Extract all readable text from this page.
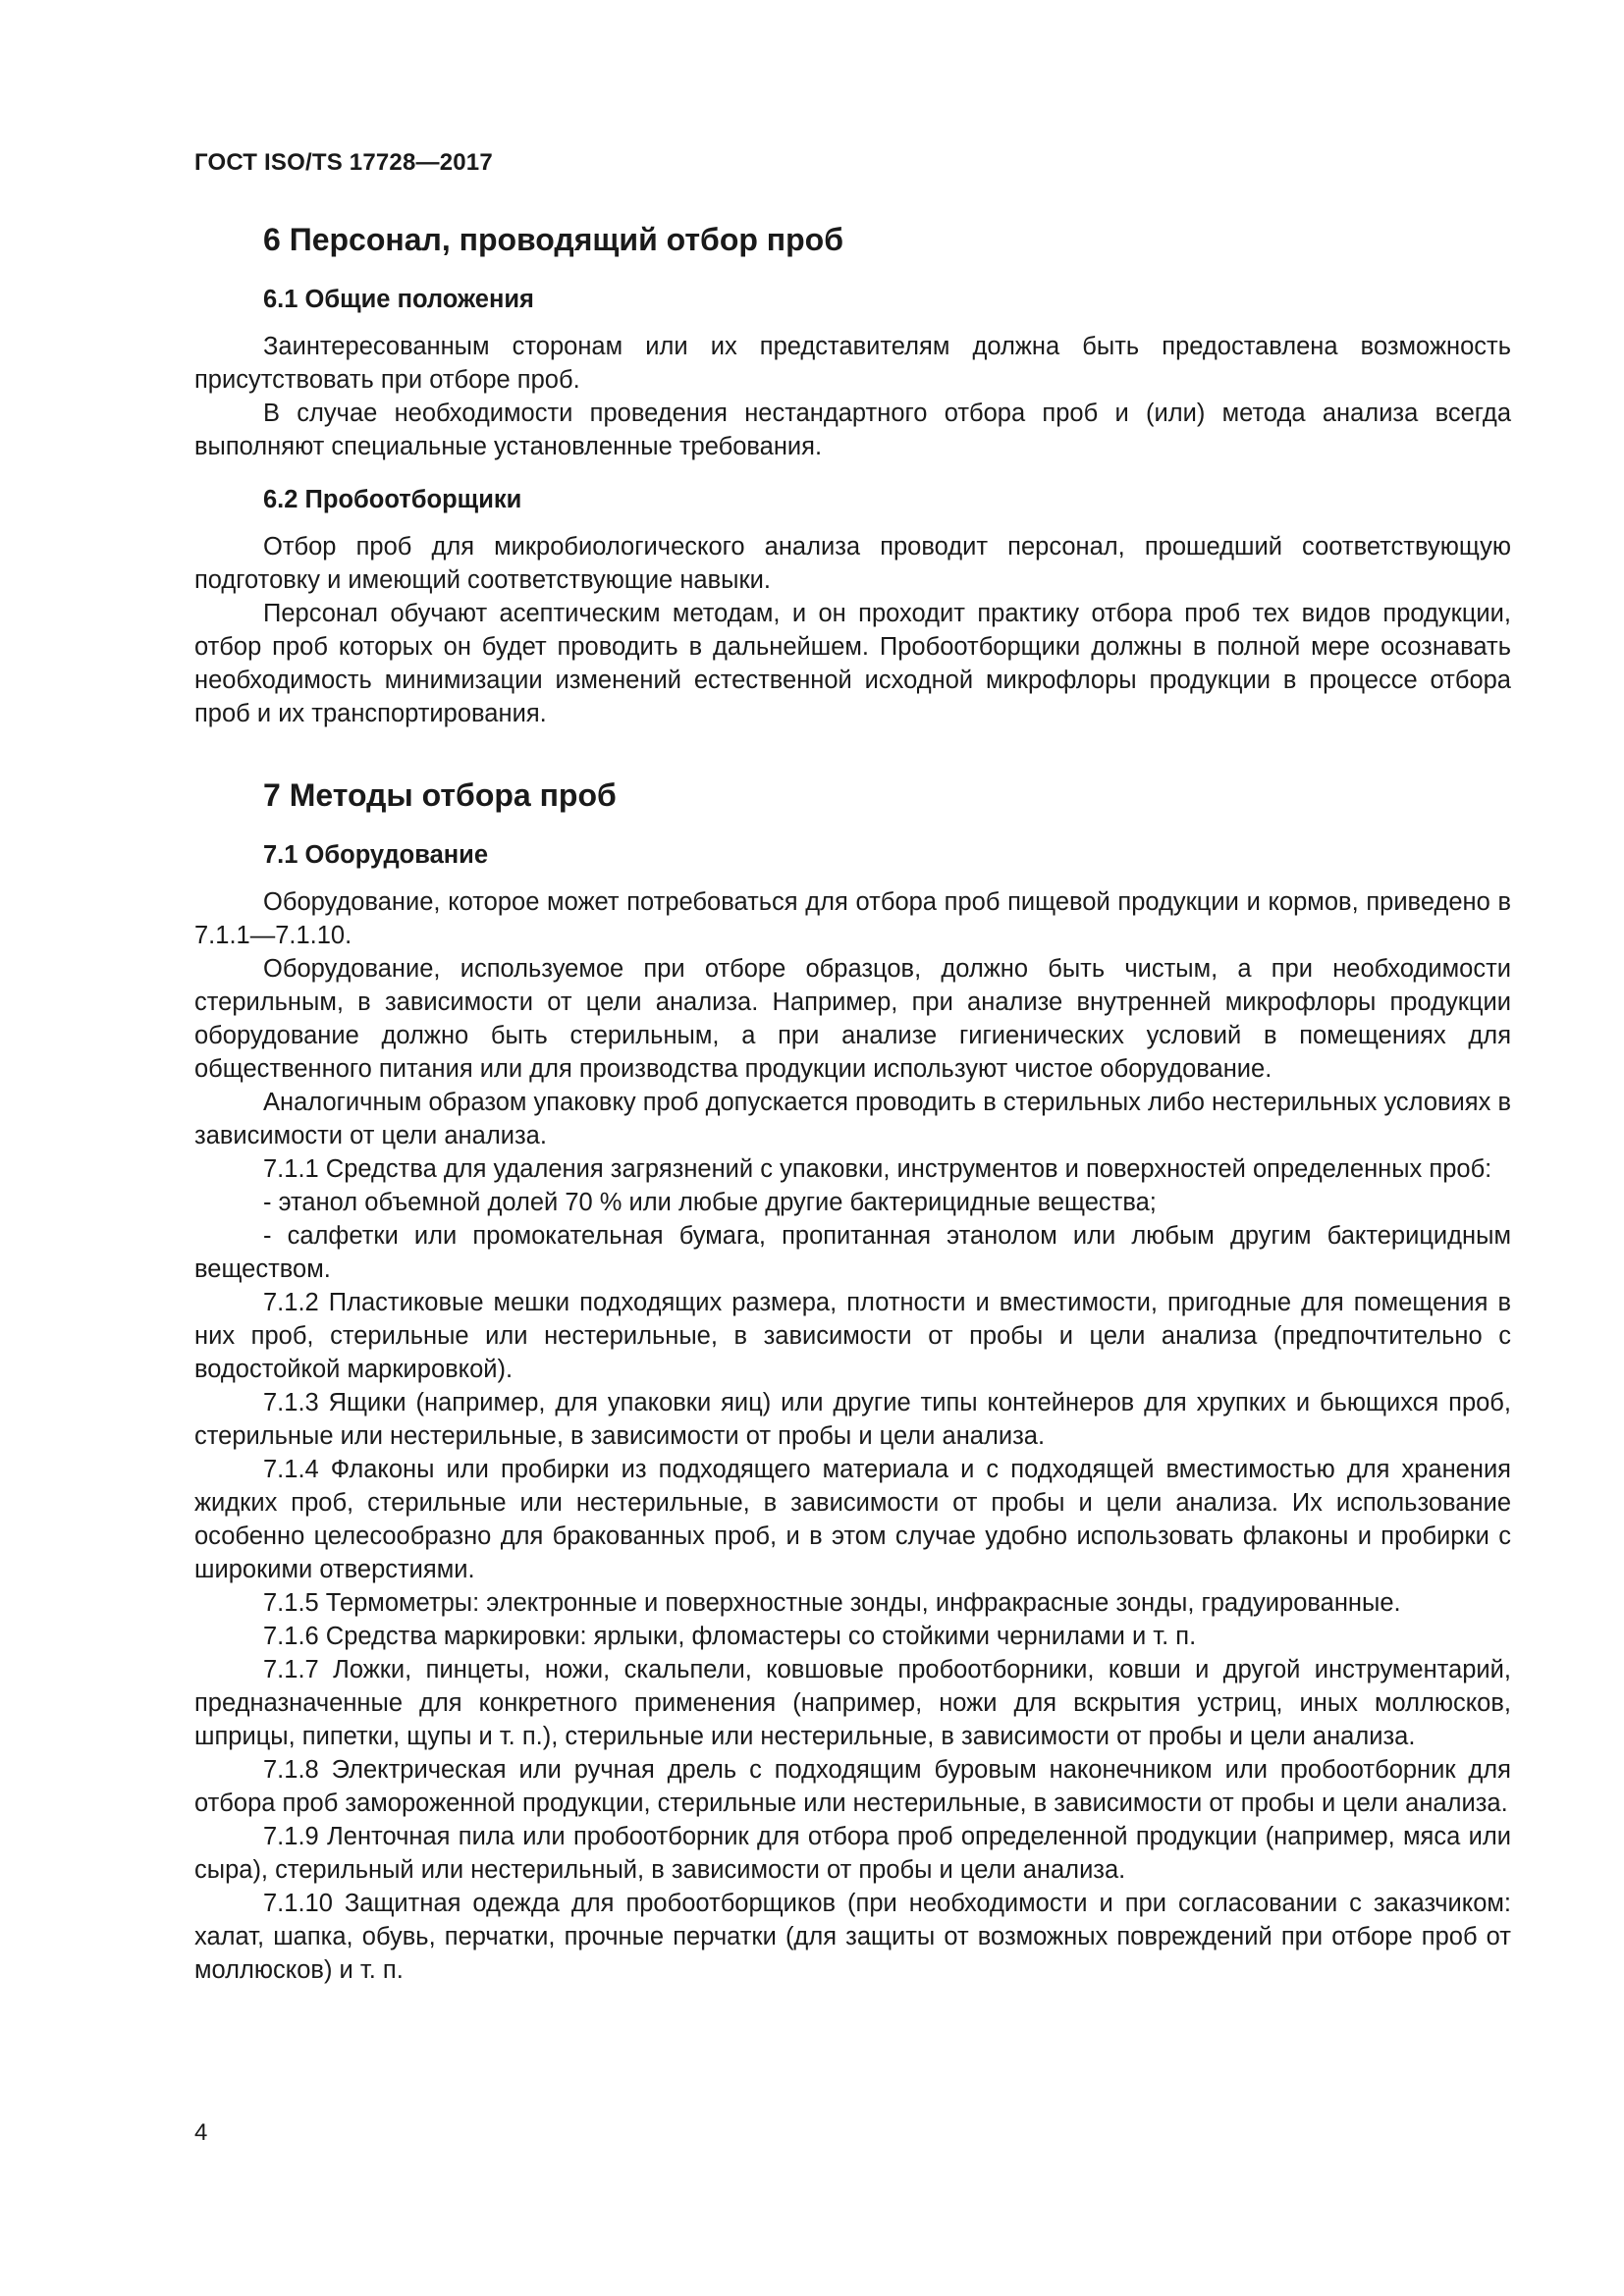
ГОСТ ISO/TS 17728—2017
6 Персонал, проводящий отбор проб
6.1 Общие положения

Заинтересованным сторонам или их представителям должна быть предоставлена возможность присутствовать при отборе проб.

В случае необходимости проведения нестандартного отбора проб и (или) метода анализа всегда выполняют специальные установленные требования.

6.2 Пробоотборщики

Отбор проб для микробиологического анализа проводит персонал, прошедший соответствующую подготовку и имеющий соответствующие навыки.

Персонал обучают асептическим методам, и он проходит практику отбора проб тех видов продукции, отбор проб которых он будет проводить в дальнейшем. Пробоотборщики должны в полной мере осознавать необходимость минимизации изменений естественной исходной микрофлоры продукции в процессе отбора проб и их транспортирования.

7 Методы отбора проб
7.1 Оборудование

Оборудование, которое может потребоваться для отбора проб пищевой продукции и кормов, приведено в 7.1.1—7.1.10.

Оборудование, используемое при отборе образцов, должно быть чистым, а при необходимости стерильным, в зависимости от цели анализа. Например, при анализе внутренней микрофлоры продукции оборудование должно быть стерильным, а при анализе гигиенических условий в помещениях для общественного питания или для производства продукции используют чистое оборудование.

Аналогичным образом упаковку проб допускается проводить в стерильных либо нестерильных условиях в зависимости от цели анализа.

7.1.1 Средства для удаления загрязнений с упаковки, инструментов и поверхностей определенных проб:

- этанол объемной долей 70 % или любые другие бактерицидные вещества;

- салфетки или промокательная бумага, пропитанная этанолом или любым другим бактерицидным веществом.

7.1.2 Пластиковые мешки подходящих размера, плотности и вместимости, пригодные для помещения в них проб, стерильные или нестерильные, в зависимости от пробы и цели анализа (предпочтительно с водостойкой маркировкой).

7.1.3 Ящики (например, для упаковки яиц) или другие типы контейнеров для хрупких и бьющихся проб, стерильные или нестерильные, в зависимости от пробы и цели анализа.

7.1.4 Флаконы или пробирки из подходящего материала и с подходящей вместимостью для хранения жидких проб, стерильные или нестерильные, в зависимости от пробы и цели анализа. Их использование особенно целесообразно для бракованных проб, и в этом случае удобно использовать флаконы и пробирки с широкими отверстиями.

7.1.5 Термометры: электронные и поверхностные зонды, инфракрасные зонды, градуированные.

7.1.6 Средства маркировки: ярлыки, фломастеры со стойкими чернилами и т. п.

7.1.7 Ложки, пинцеты, ножи, скальпели, ковшовые пробоотборники, ковши и другой инструментарий, предназначенные для конкретного применения (например, ножи для вскрытия устриц, иных моллюсков, шприцы, пипетки, щупы и т. п.), стерильные или нестерильные, в зависимости от пробы и цели анализа.

7.1.8 Электрическая или ручная дрель с подходящим буровым наконечником или пробоотборник для отбора проб замороженной продукции, стерильные или нестерильные, в зависимости от пробы и цели анализа.

7.1.9 Ленточная пила или пробоотборник для отбора проб определенной продукции (например, мяса или сыра), стерильный или нестерильный, в зависимости от пробы и цели анализа.

7.1.10 Защитная одежда для пробоотборщиков (при необходимости и при согласовании с заказчиком: халат, шапка, обувь, перчатки, прочные перчатки (для защиты от возможных повреждений при отборе проб от моллюсков) и т. п.

4
